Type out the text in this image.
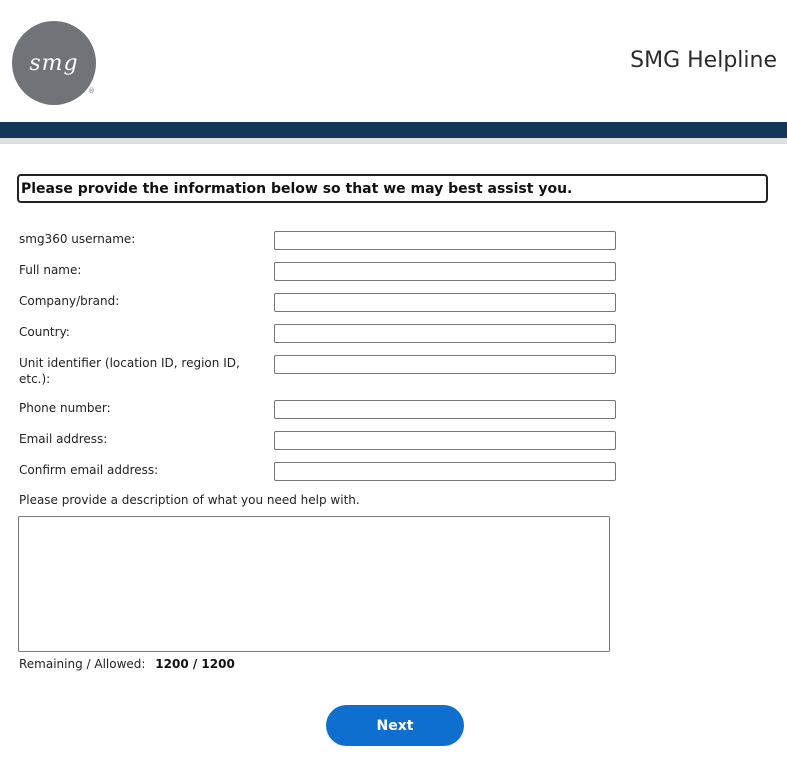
smg
®
SMG Helpline
Please provide the information below so that we may best assist you.
smg360 username:
Full name:
Company/brand:
Country:
Unit identifier (location ID, region ID, etc.):
Phone number:
Email address:
Confirm email address:
Please provide a description of what you need help with.
Remaining / Allowed: 1200 / 1200
Next
